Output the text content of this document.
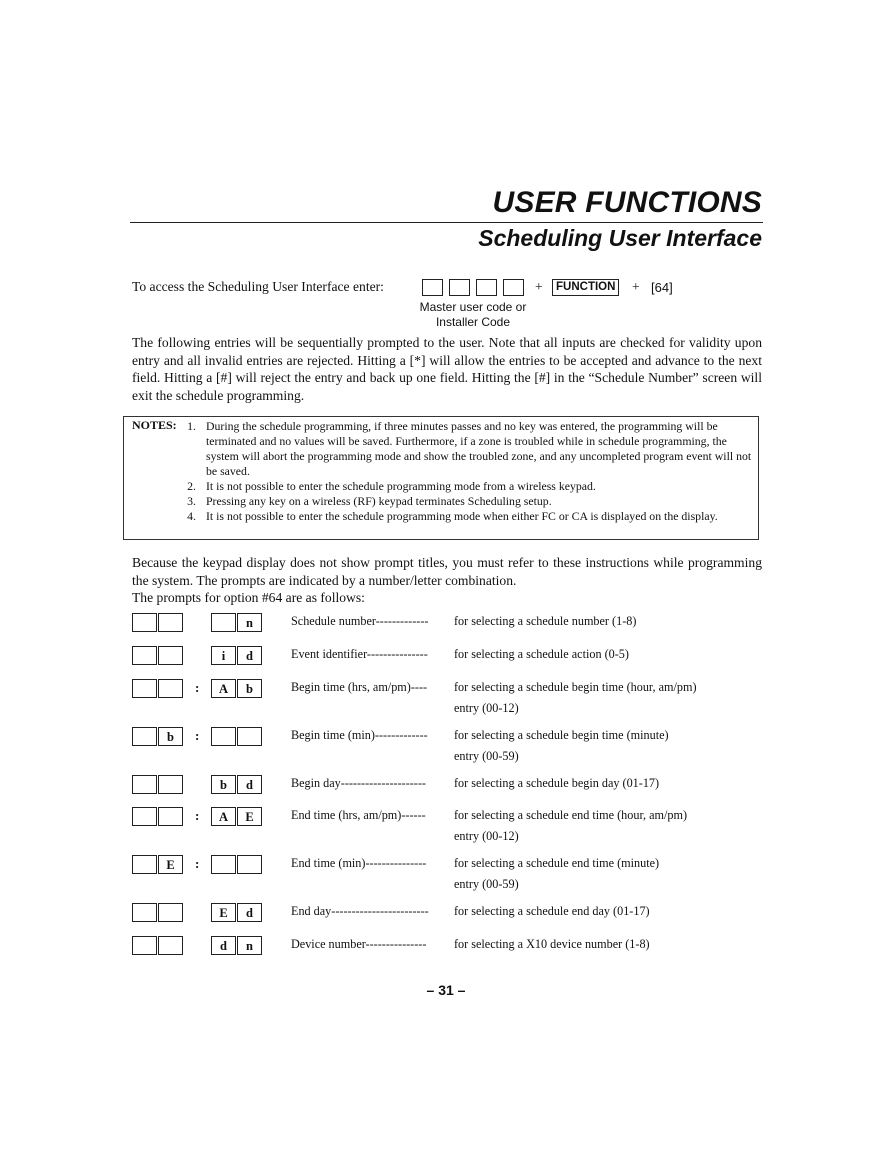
USER FUNCTIONS
Scheduling User Interface
To access the Scheduling User Interface enter:	+	FUNCTION + [64]
Master user code or
Installer Code
The following entries will be sequentially prompted to the user. Note that all inputs are checked for validity upon entry and all invalid entries are rejected. Hitting a [*] will allow the entries to be accepted and advance to the next field. Hitting a [#] will reject the entry and back up one field. Hitting the [#] in the “Schedule Number” screen will exit the schedule programming.
NOTES: 1. During the schedule programming, if three minutes passes and no key was entered, the programming will be terminated and no values will be saved. Furthermore, if a zone is troubled while in schedule programming, the system will abort the programming mode and show the troubled zone, and any uncompleted program event will not be saved.
2. It is not possible to enter the schedule programming mode from a wireless keypad.
3. Pressing any key on a wireless (RF) keypad terminates Scheduling setup.
4. It is not possible to enter the schedule programming mode when either FC or CA is displayed on the display.
Because the keypad display does not show prompt titles, you must refer to these instructions while programming the system. The prompts are indicated by a number/letter combination.
The prompts for option #64 are as follows:
n	Schedule number------------- for selecting a schedule number (1-8)
i	d	Event identifier--------------- for selecting a schedule action (0-5)
:	A	b	Begin time (hrs, am/pm)---- for selecting a schedule begin time (hour, am/pm)
entry (00-12)
b	:	Begin time (min)------------- for selecting a schedule begin time (minute)
entry (00-59)
b	d	Begin day--------------------- for selecting a schedule begin day (01-17)
:	A	E	End time (hrs, am/pm)------ for selecting a schedule end time (hour, am/pm)
entry (00-12)
E	:	End time (min)--------------- for selecting a schedule end time (minute)
entry (00-59)
E	d	End day------------------------ for selecting a schedule end day (01-17)
d	n	Device number--------------- for selecting a X10 device number (1-8)
– 31 –
